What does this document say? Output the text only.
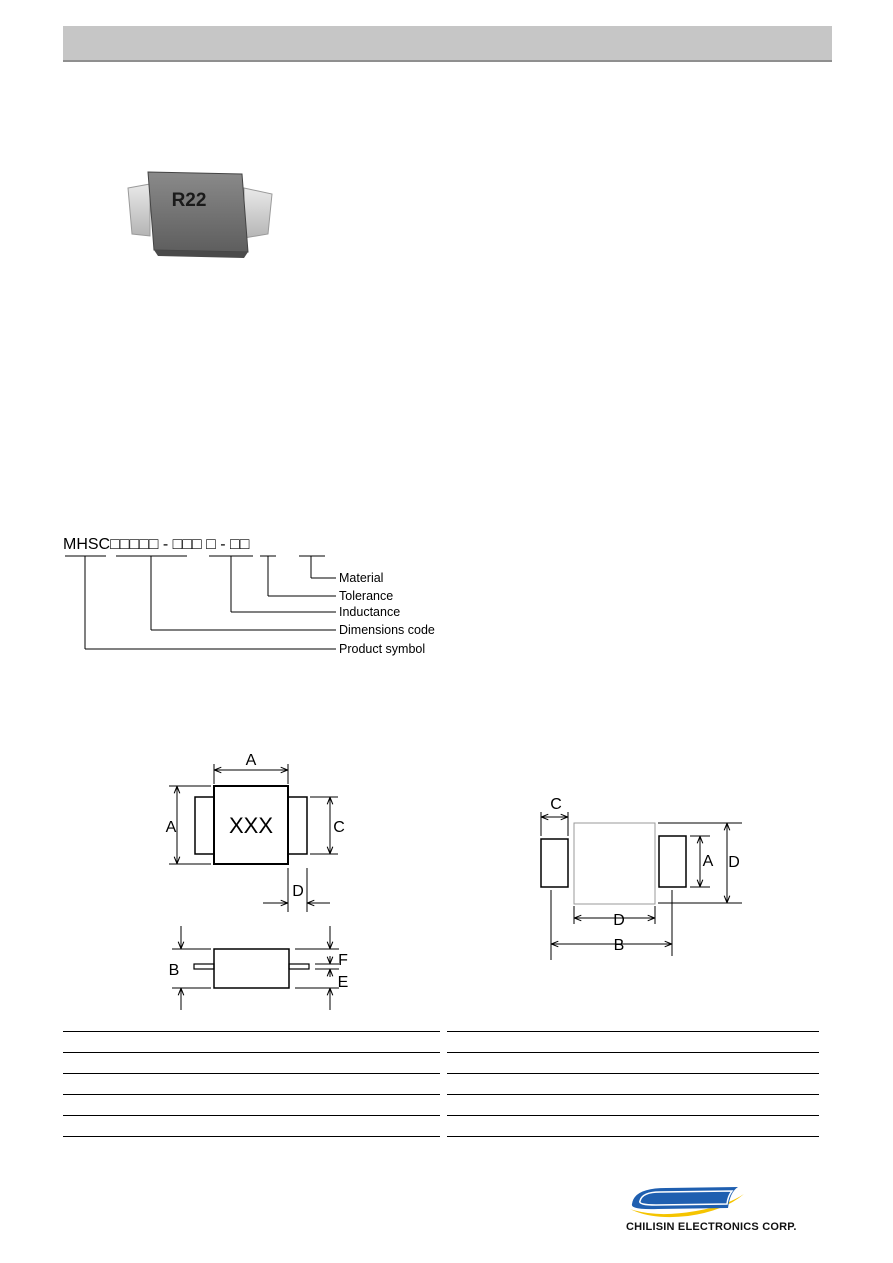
R22
MHSC□□□□□ - □□□ □ - □□
Material
Tolerance
Inductance
Dimensions code
Product symbol
XXX
A
A	C
D
B
F
E
C
A D
D
B
CHILISIN ELECTRONICS CORP.
